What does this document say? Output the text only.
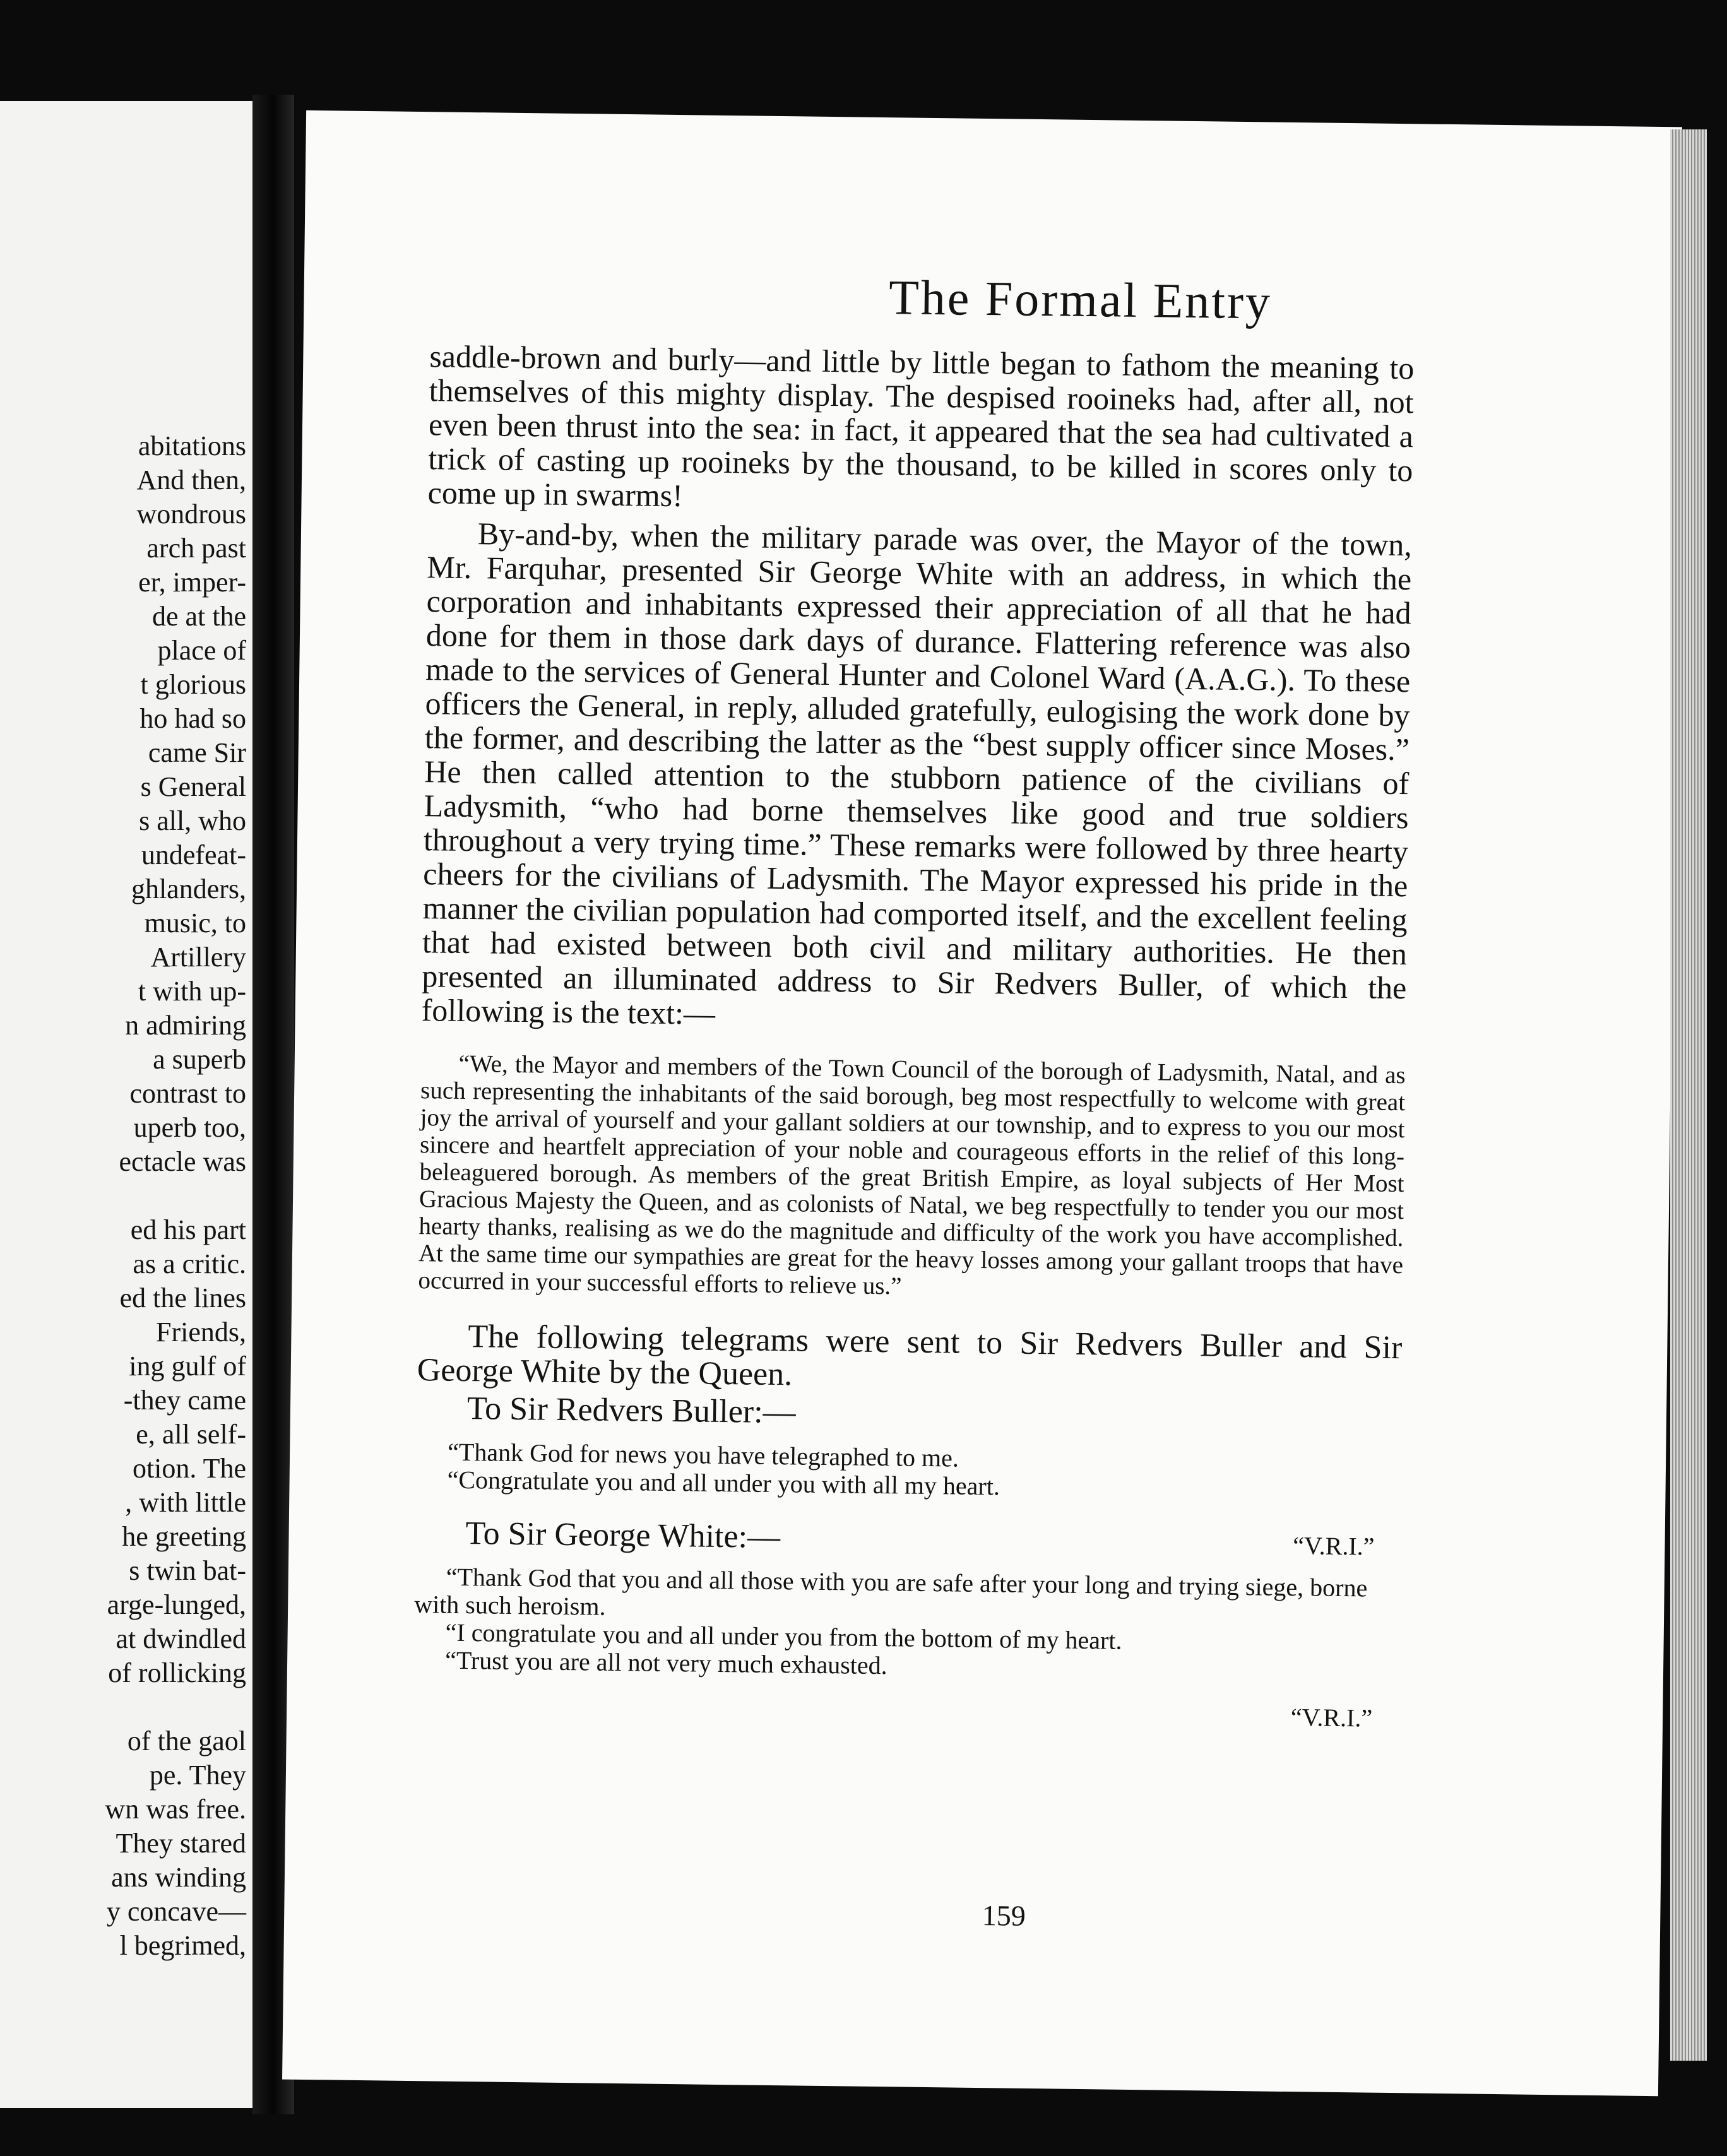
abitations
And then,
wondrous
arch past
er, imper-
de at the
place of
t glorious
ho had so
came Sir
s General
s all, who
undefeat-
ghlanders,
music, to
Artillery
t with up-
n admiring
a superb
contrast to
uperb too,
ectacle was
ed his part
as a critic.
ed the lines
Friends,
ing gulf of
-they came
e, all self-
otion. The
, with little
he greeting
s twin bat-
arge-lunged,
at dwindled
of rollicking
of the gaol
pe. They
wn was free.
They stared
ans winding
y concave—
l begrimed,
The Formal Entry

saddle-brown and burly—and little by little began to fathom the meaning to themselves of this mighty display. The despised rooineks had, after all, not even been thrust into the sea: in fact, it appeared that the sea had cultivated a trick of casting up rooineks by the thousand, to be killed in scores only to come up in swarms!

By-and-by, when the military parade was over, the Mayor of the town, Mr. Farquhar, presented Sir George White with an address, in which the corporation and inhabitants expressed their appreciation of all that he had done for them in those dark days of durance. Flattering reference was also made to the services of General Hunter and Colonel Ward (A.A.G.). To these officers the General, in reply, alluded gratefully, eulogising the work done by the former, and describing the latter as the “best supply officer since Moses.” He then called attention to the stubborn patience of the civilians of Ladysmith, “who had borne themselves like good and true soldiers throughout a very trying time.” These remarks were followed by three hearty cheers for the civilians of Ladysmith. The Mayor expressed his pride in the manner the civilian population had comported itself, and the excellent feeling that had existed between both civil and military authorities. He then presented an illuminated address to Sir Redvers Buller, of which the following is the text:—

“We, the Mayor and members of the Town Council of the borough of Ladysmith, Natal, and as such representing the inhabitants of the said borough, beg most respectfully to welcome with great joy the arrival of yourself and your gallant soldiers at our township, and to express to you our most sincere and heartfelt appreciation of your noble and courageous efforts in the relief of this long-beleaguered borough. As members of the great British Empire, as loyal subjects of Her Most Gracious Majesty the Queen, and as colonists of Natal, we beg respectfully to tender you our most hearty thanks, realising as we do the magnitude and difficulty of the work you have accomplished. At the same time our sympathies are great for the heavy losses among your gallant troops that have occurred in your successful efforts to relieve us.”

The following telegrams were sent to Sir Redvers Buller and Sir George White by the Queen.

To Sir Redvers Buller:—

“Thank God for news you have telegraphed to me.

“Congratulate you and all under you with all my heart.

To Sir George White:—	“V.R.I.”

“Thank God that you and all those with you are safe after your long and trying siege, borne with such heroism.

“I congratulate you and all under you from the bottom of my heart.

“Trust you are all not very much exhausted.

“V.R.I.”
159
